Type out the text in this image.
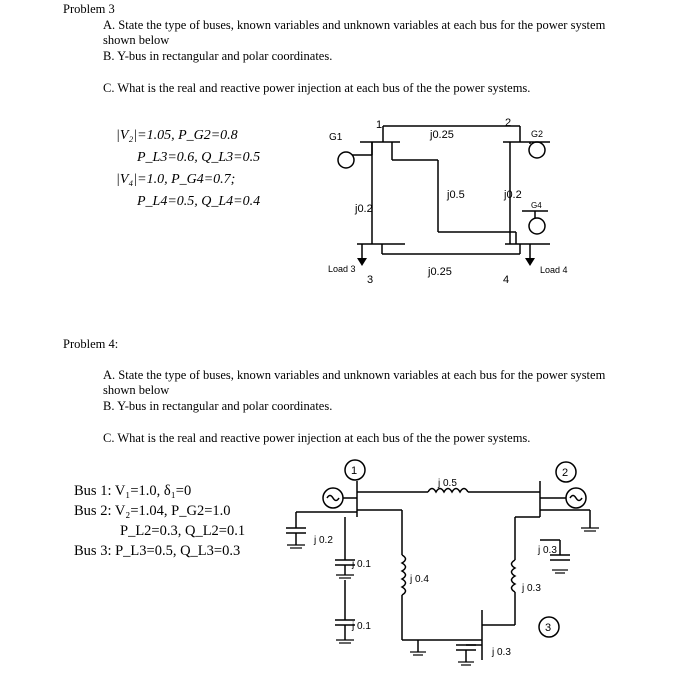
Problem 3
A. State the type of buses, known variables and unknown variables at each bus for the power system shown below
B. Y-bus in rectangular and polar coordinates.
C. What is the real and reactive power injection at each bus of the the power systems.
|V₂|=1.05, P_G2=0.8
P_L3=0.6, Q_L3=0.5
|V₄|=1.0, P_G4=0.7;
P_L4=0.5, Q_L4=0.4
G1
1	2
G2
j0.25
j0.2
j0.5	j0.2
G4
j0.25
Load 3
3	4
Load 4
Problem 4:
A. State the type of buses, known variables and unknown variables at each bus for the power system shown below
B. Y-bus in rectangular and polar coordinates.
C. What is the real and reactive power injection at each bus of the the power systems.
Bus 1: V₁=1.0, δ₁=0
Bus 2: V₂=1.04, P_G2=1.0
P_L2=0.3, Q_L2=0.1
Bus 3: P_L3=0.5, Q_L3=0.3
1	2
3
j 0.5
j 0.2
j 0.1
j 0.1
j 0.4
j 0.3
j 0.3
j 0.3
